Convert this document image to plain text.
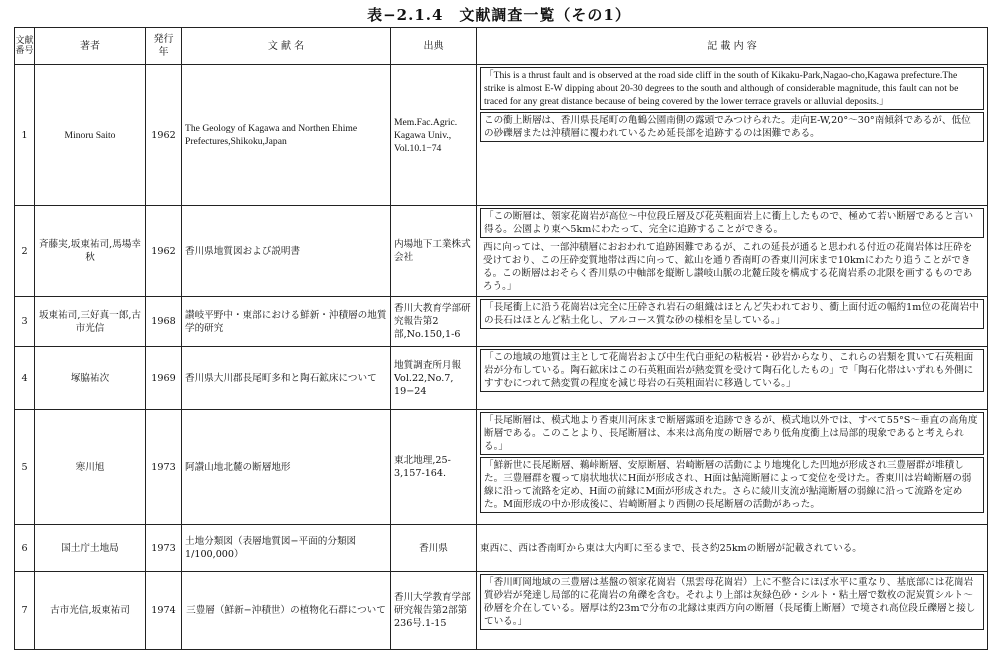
表−2.1.4　文献調査一覧（その1）
文献番号	著者	発行年	文 献 名	出典	記 載 内 容
1	Minoru Saito	1962	The Geology of Kagawa and Northen Ehime Prefectures,Shikoku,Japan	Mem.Fac.Agric. Kagawa Univ., Vol.10.1−74	「This is a thrust fault and is observed at the road side cliff in the south of Kikaku-Park,Nagao-cho,Kagawa prefecture.The strike is almost E-W dipping about 20-30 degrees to the south and although of considerable magnitude, this fault can not be traced for any great distance because of being covered by the lower terrace gravels or alluvial deposits.」
この衝上断層は、香川県長尾町の亀鶴公園南側の露頭でみつけられた。走向E-W,20°〜30°南傾斜であるが、低位の砂礫層または沖積層に覆われているため延長部を追跡するのは困難である。

2	斉藤実,坂東祐司,馬場幸秋	1962	香川県地質図および説明書	内場地下工業株式会社	「この断層は、領家花崗岩が高位〜中位段丘層及び花英粗面岩上に衝上したもので、極めて若い断層であると言い得る。公園より東へ5kmにわたって、完全に追跡することができる。
西に向っては、一部沖積層におおわれて追跡困難であるが、これの延長が通ると思われる付近の花崗岩体は圧砕を受けており、この圧砕変質地帯は西に向って、鉱山を通り香南町の香東川河床まで10kmにわたり追うことができる。この断層はおそらく香川県の中軸部を縦断し讃岐山脈の北麓丘陵を構成する花崗岩系の北限を画するものであろう。」

3	坂東祐司,三好真一郎,古市光信	1968	讃岐平野中・東部における鮮新・沖積層の地質学的研究	香川大教育学部研究報告第2部,No.150,1-6	「長尾衝上に沿う花崗岩は完全に圧砕され岩石の組織はほとんど失われており、衝上面付近の幅約1m位の花崗岩中の長石はほとんど粘土化し、アルコース質な砂の様相を呈している。」

4	塚脇祐次	1969	香川県大川郡長尾町多和と陶石鉱床について	地質調査所月報Vol.22,No.7, 19−24	「この地域の地質は主として花崗岩および中生代白亜紀の粘板岩・砂岩からなり、これらの岩類を貫いて石英粗面岩が分布している。陶石鉱床はこの石英粗面岩が熱変質を受けて陶石化したもの」で「陶石化帯はいずれも外側にすすむにつれて熱変質の程度を減じ母岩の石英粗面岩に移過している。」

5	寒川旭	1973	阿讃山地北麓の断層地形	東北地理,25-3,157-164.	「長尾断層は、模式地より香東川河床まで断層露頭を追跡できるが、模式地以外では、すべて55°S〜垂直の高角度断層である。このことより、長尾断層は、本来は高角度の断層であり低角度衝上は局部的現象であると考えられる。」
「鮮新世に長尾断層、鵜峠断層、安原断層、岩崎断層の活動により地塊化した凹地が形成され三豊層群が堆積した。三豊層群を覆って扇状地状にH面が形成され、H面は鮎滝断層によって変位を受けた。香東川は岩崎断層の弱線に沿って流路を定め、H面の前縁にM面が形成された。さらに綾川支流が鮎滝断層の弱線に沿って流路を定めた。M面形成の中か形成後に、岩崎断層より西側の長尾断層の活動があった。

6	国土庁土地局	1973	土地分類図（表層地質図−平面的分類図1/100,000）	香川県	東西に、西は香南町から東は大内町に至るまで、長さ約25kmの断層が記載されている。
7	古市光信,坂東祐司	1974	三豊層（鮮新−沖積世）の植物化石群について	香川大学教育学部研究報告第2部第236号.1-15	「香川町岡地域の三豊層は基盤の領家花崗岩（黒雲母花崗岩）上に不整合にほぼ水平に重なり、基底部には花崗岩質砂岩が発達し局部的に花崗岩の角礫を含む。それより上部は灰緑色砂・シルト・粘土層で数枚の泥炭質シルト〜砂層を介在している。層厚は約23mで分布の北縁は東西方向の断層（長尾衝上断層）で境され高位段丘礫層と接している。」
